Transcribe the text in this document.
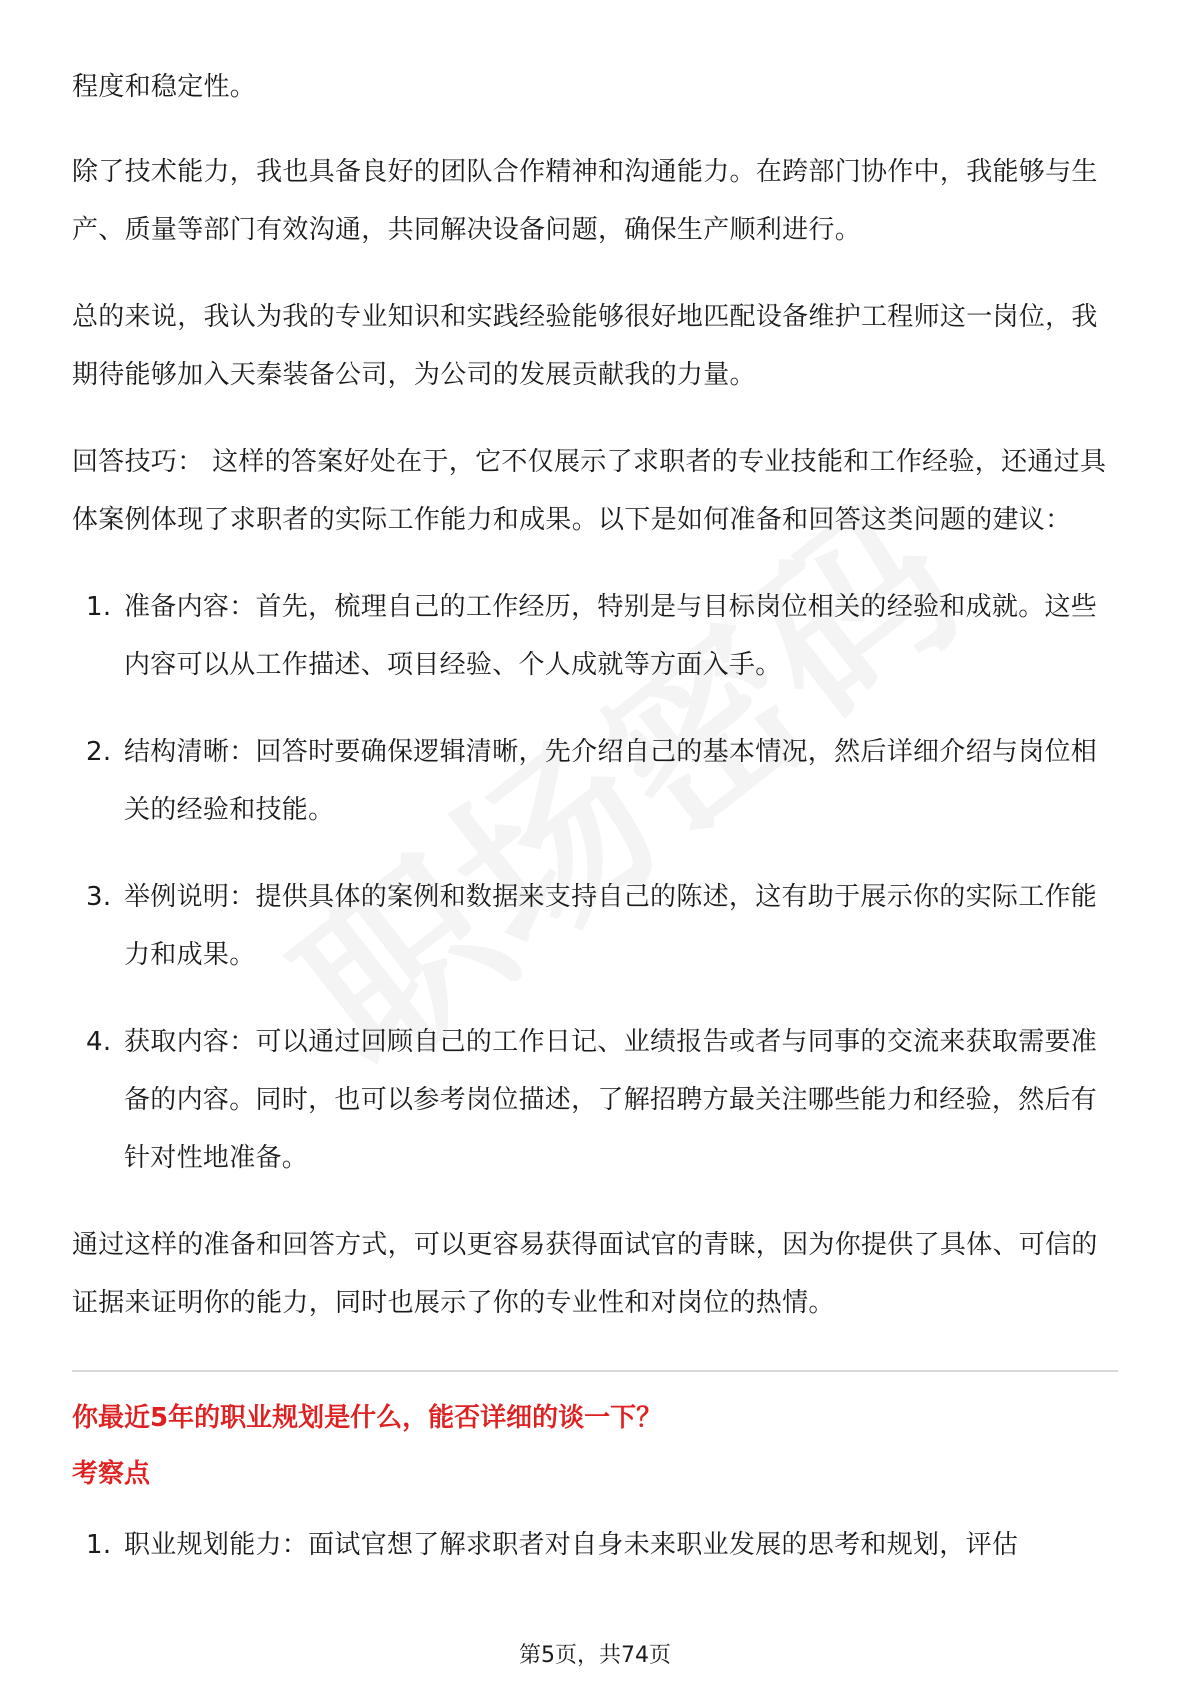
程度和稳定性。

除了技术能力，我也具备良好的团队合作精神和沟通能力。在跨部门协作中，我能够与生产、质量等部门有效沟通，共同解决设备问题，确保生产顺利进行。

总的来说，我认为我的专业知识和实践经验能够很好地匹配设备维护工程师这一岗位，我期待能够加入天秦装备公司，为公司的发展贡献我的力量。

回答技巧： 这样的答案好处在于，它不仅展示了求职者的专业技能和工作经验，还通过具体案例体现了求职者的实际工作能力和成果。以下是如何准备和回答这类问题的建议：

1. 准备内容：首先，梳理自己的工作经历，特别是与目标岗位相关的经验和成就。这些内容可以从工作描述、项目经验、个人成就等方面入手。
2. 结构清晰：回答时要确保逻辑清晰，先介绍自己的基本情况，然后详细介绍与岗位相关的经验和技能。
3. 举例说明：提供具体的案例和数据来支持自己的陈述，这有助于展示你的实际工作能力和成果。
4. 获取内容：可以通过回顾自己的工作日记、业绩报告或者与同事的交流来获取需要准备的内容。同时，也可以参考岗位描述，了解招聘方最关注哪些能力和经验，然后有针对性地准备。

通过这样的准备和回答方式，可以更容易获得面试官的青睐，因为你提供了具体、可信的证据来证明你的能力，同时也展示了你的专业性和对岗位的热情。

你最近5年的职业规划是什么，能否详细的谈一下？
考察点
1. 职业规划能力：面试官想了解求职者对自身未来职业发展的思考和规划，评估
第5页，共74页
